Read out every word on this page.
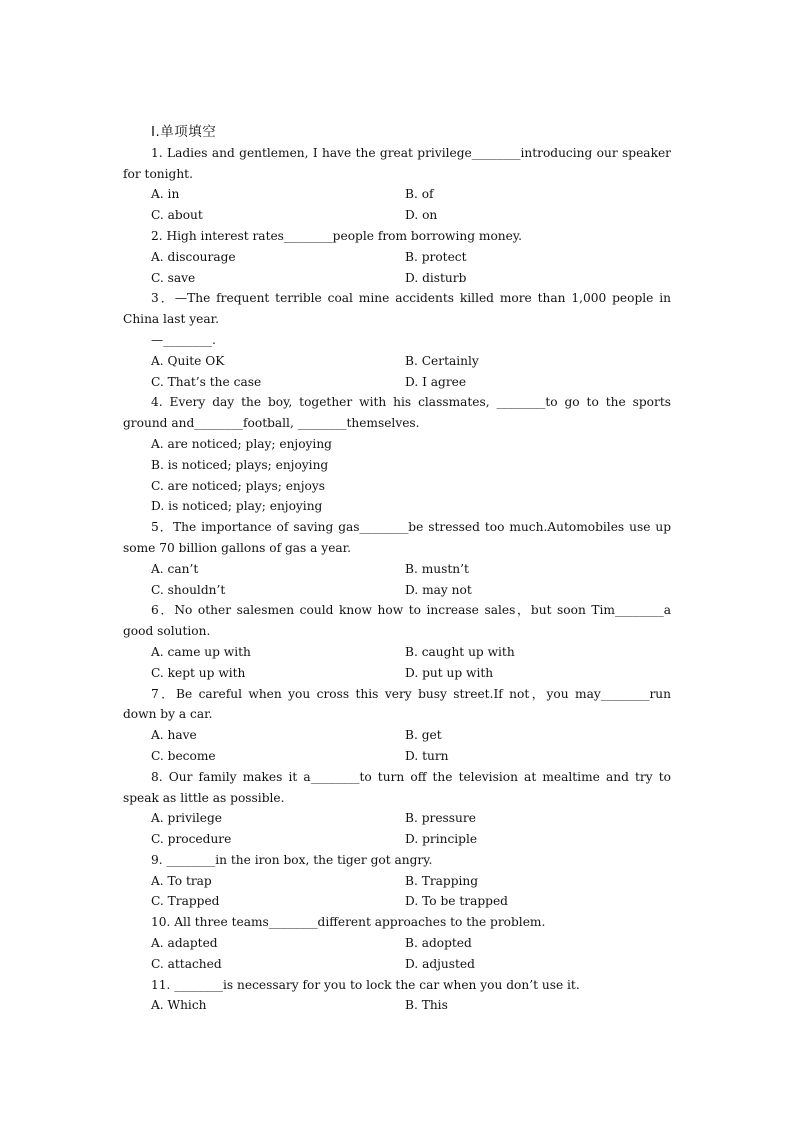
Ⅰ.单项填空

1. Ladies and gentlemen, I have the great privilege________introducing our speaker for tonight.

A. in	B. of
C. about	D. on

2. High interest rates________people from borrowing money.

A. discourage	B. protect
C. save	D. disturb

3．—The frequent terrible coal mine accidents killed more than 1,000 people in China last year.

—________.
A. Quite OK	B. Certainly
C. That’s the case	D. I agree

4. Every day the boy, together with his classmates, ________to go to the sports ground and________football, ________themselves.

A. are noticed; play; enjoying
B. is noticed; plays; enjoying
C. are noticed; plays; enjoys
D. is noticed; play; enjoying

5．The importance of saving gas________be stressed too much.Automobiles use up some 70 billion gallons of gas a year.

A. can’t	B. mustn’t
C. shouldn’t	D. may not

6．No other salesmen could know how to increase sales，but soon Tim________a good solution.

A. came up with	B. caught up with
C. kept up with	D. put up with

7．Be careful when you cross this very busy street.If not，you may________run down by a car.

A. have	B. get
C. become	D. turn

8. Our family makes it a________to turn off the television at mealtime and try to speak as little as possible.

A. privilege	B. pressure
C. procedure	D. principle

9. ________in the iron box, the tiger got angry.

A. To trap	B. Trapping
C. Trapped	D. To be trapped

10. All three teams________different approaches to the problem.

A. adapted	B. adopted
C. attached	D. adjusted

11. ________is necessary for you to lock the car when you don’t use it.

A. Which	B. This
